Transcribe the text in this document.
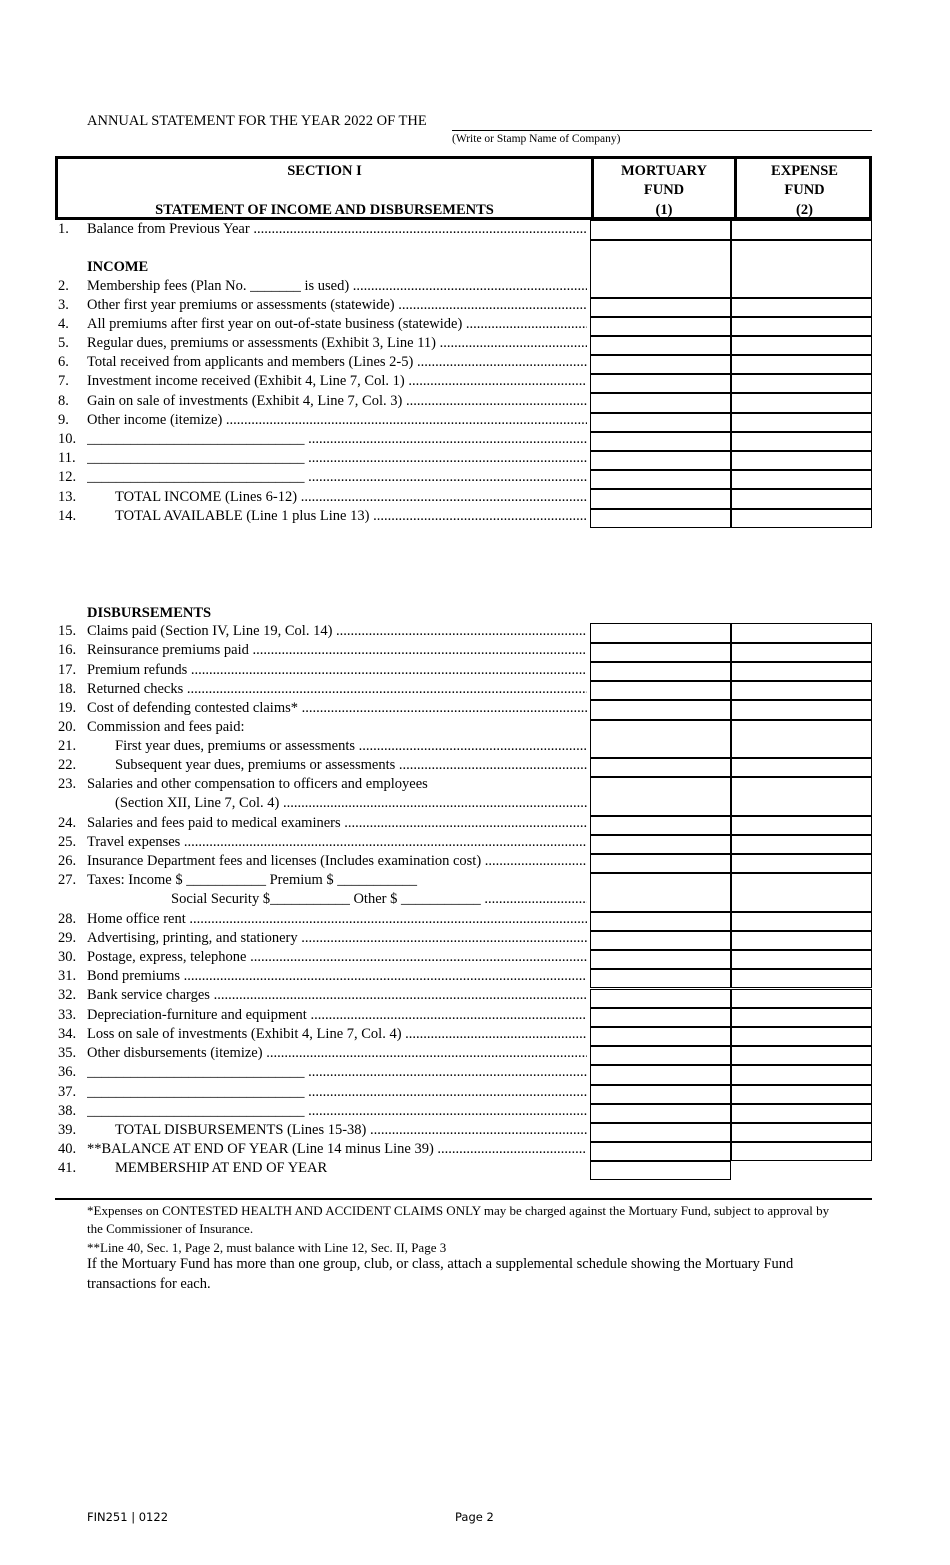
ANNUAL STATEMENT FOR THE YEAR 2022 OF THE
(Write or Stamp Name of Company)
SECTION I
STATEMENT OF INCOME AND DISBURSEMENTS
MORTUARY
FUND
(1)
EXPENSE
FUND
(2)
INCOME
DISBURSEMENTS
1. Balance from Previous Year .....
2. Membership fees (Plan No. _______ is used) .....
3. Other first year premiums or assessments (statewide) .....
4. All premiums after first year on out-of-state business (statewide) .....
5. Regular dues, premiums or assessments (Exhibit 3, Line 11) .....
6. Total received from applicants and members (Lines 2-5) .....
7. Investment income received (Exhibit 4, Line 7, Col. 1) .....
8. Gain on sale of investments (Exhibit 4, Line 7, Col. 3) .....
9. Other income (itemize) .....
10. ______________________________ .....
11. ______________________________ .....
12. ______________________________ .....
13.	TOTAL INCOME (Lines 6-12) .....
14.	TOTAL AVAILABLE (Line 1 plus Line 13) .....
15. Claims paid (Section IV, Line 19, Col. 14) .....
16. Reinsurance premiums paid .....
17. Premium refunds .....
18. Returned checks .....
19. Cost of defending contested claims* .....
20. Commission and fees paid:
21.	First year dues, premiums or assessments .....
22.	Subsequent year dues, premiums or assessments .....
23. Salaries and other compensation to officers and employees
(Section XII, Line 7, Col. 4) .....
24. Salaries and fees paid to medical examiners .....
25. Travel expenses .....
26. Insurance Department fees and licenses (Includes examination cost) .....
27. Taxes: Income $ ___________ Premium $ ___________
Social Security $___________ Other $ ___________ .....
28. Home office rent .....
29. Advertising, printing, and stationery .....
30. Postage, express, telephone .....
31. Bond premiums .....
32. Bank service charges .....
33. Depreciation-furniture and equipment .....
34. Loss on sale of investments (Exhibit 4, Line 7, Col. 4) .....
35. Other disbursements (itemize) .....
36. ______________________________ .....
37. ______________________________ .....
38. ______________________________ .....
39.	TOTAL DISBURSEMENTS (Lines 15-38) .....
40. **BALANCE AT END OF YEAR (Line 14 minus Line 39) .....
41.	MEMBERSHIP AT END OF YEAR
*Expenses on CONTESTED HEALTH AND ACCIDENT CLAIMS ONLY may be charged against the Mortuary Fund, subject to approval by the Commissioner of Insurance.
**Line 40, Sec. 1, Page 2, must balance with Line 12, Sec. II, Page 3
If the Mortuary Fund has more than one group, club, or class, attach a supplemental schedule showing the Mortuary Fund transactions for each.
FIN251 | 0122	Page 2
